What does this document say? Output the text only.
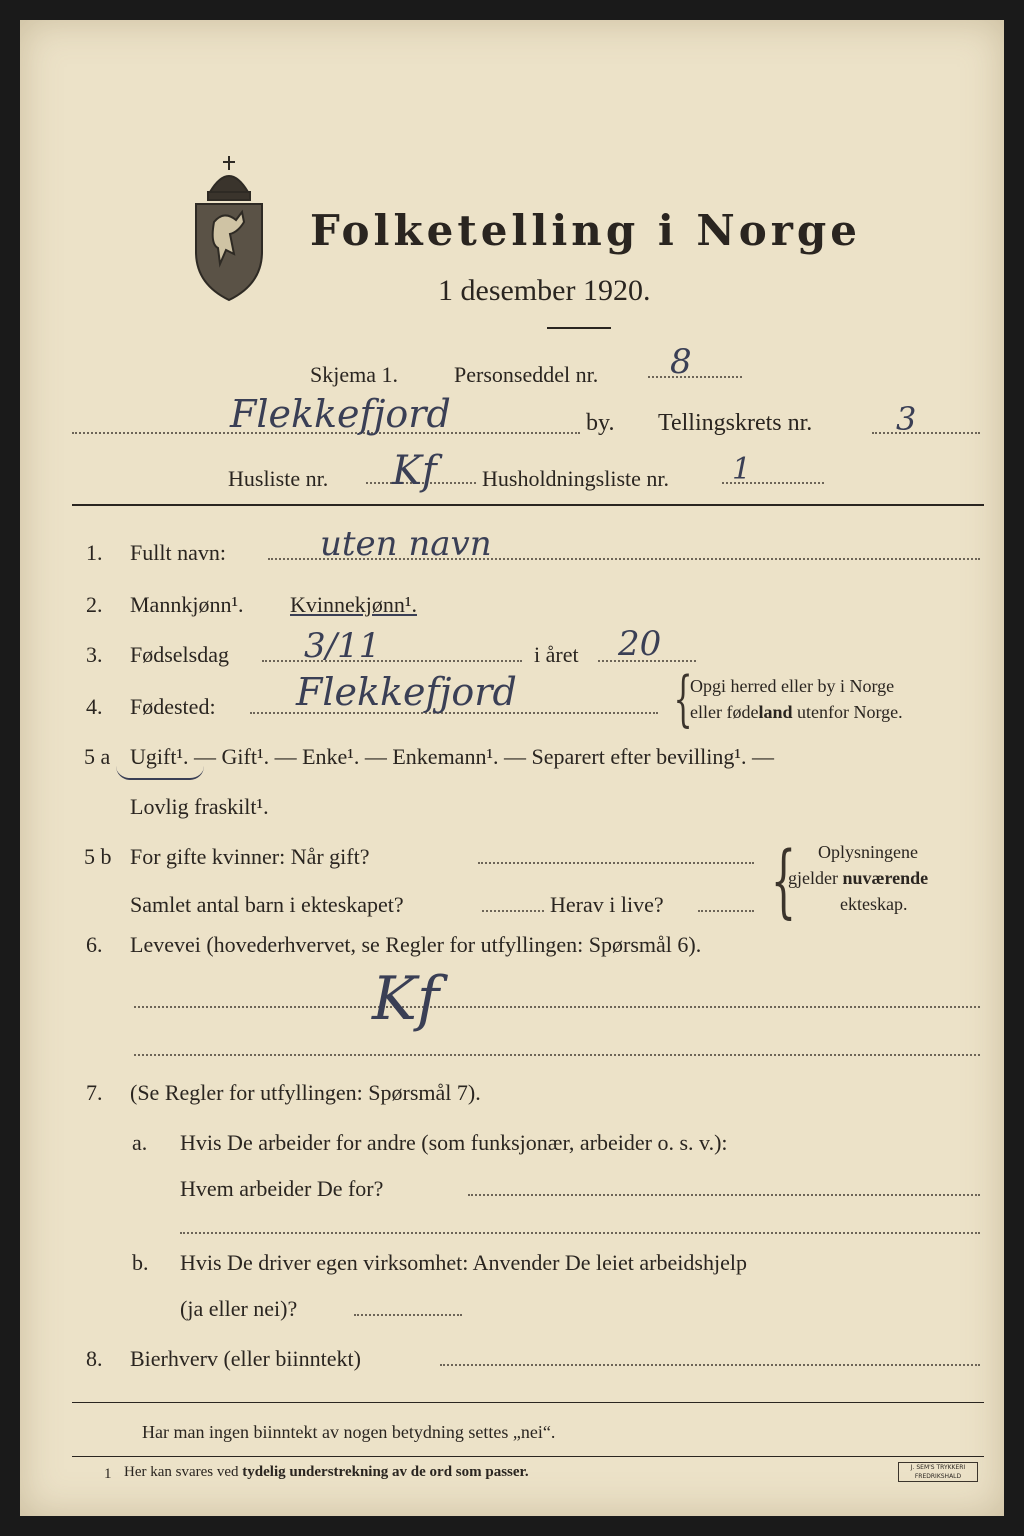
Folketelling i Norge
1 desember 1920.
Skjema 1.	Personseddel nr. 8
Flekkefjord	by. Tellingskrets nr.	3
Husliste nr. Kf Husholdningsliste nr. 1
1. Fullt navn:	uten navn
2. Mannkjønn¹. Kvinnekjønn¹.
3. Fødselsdag 3/11	i året 20
4. Fødested: Flekkefjord	{
Opgi herred eller by i Norge
eller fødeland utenfor Norge.
5 a Ugift¹. — Gift¹. — Enke¹. — Enkemann¹. — Separert efter bevilling¹. —
Lovlig fraskilt¹.
5 b For gifte kvinner: Når gift?
Samlet antal barn i ekteskapet?	Herav i live? { Oplysningene
gjelder nuværende
ekteskap.
6. Levevei (hovederhvervet, se Regler for utfyllingen: Spørsmål 6).
Kf
7. (Se Regler for utfyllingen: Spørsmål 7).
a. Hvis De arbeider for andre (som funksjonær, arbeider o. s. v.):
Hvem arbeider De for?
b. Hvis De driver egen virksomhet: Anvender De leiet arbeidshjelp
(ja eller nei)?
8. Bierhverv (eller biinntekt)
Har man ingen biinntekt av nogen betydning settes „nei“.
1 Her kan svares ved tydelig understrekning av de ord som passer.	J. SEM'S TRYKKERI FREDRIKSHALD
